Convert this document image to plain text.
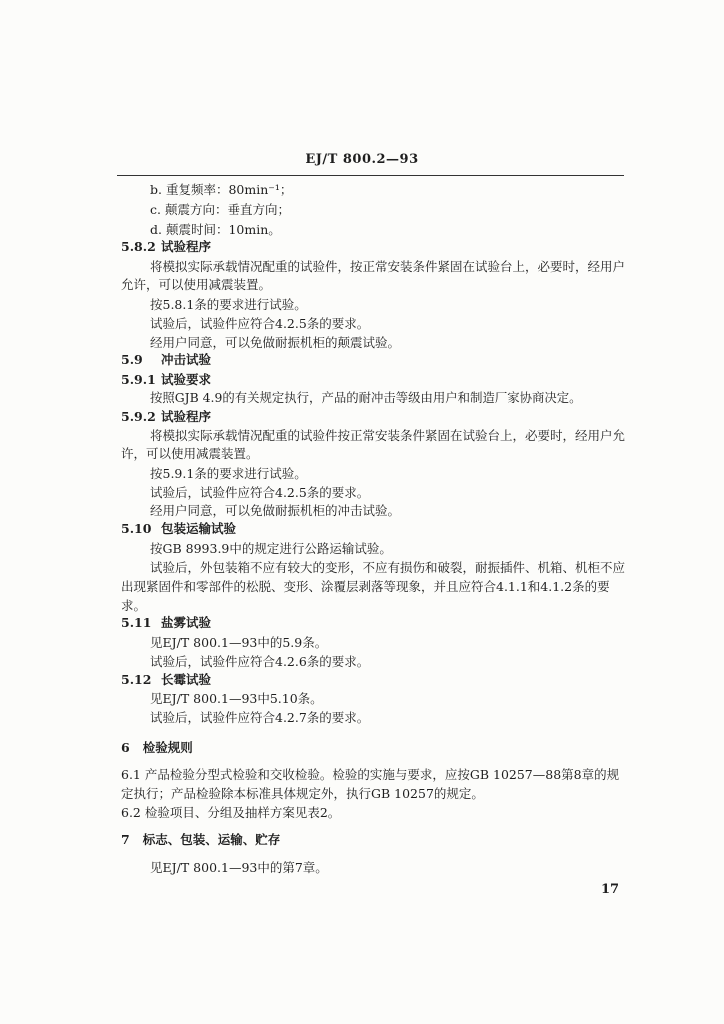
EJ/T 800.2—93
b. 重复频率：80min⁻¹；
c. 颠震方向：垂直方向；
d. 颠震时间：10min。
5.8.2 试验程序
将模拟实际承载情况配重的试验件，按正常安装条件紧固在试验台上，必要时，经用户
允许，可以使用减震装置。
按5.8.1条的要求进行试验。
试验后，试验件应符合4.2.5条的要求。
经用户同意，可以免做耐振机柜的颠震试验。
5.9 冲击试验
5.9.1 试验要求
按照GJB 4.9的有关规定执行，产品的耐冲击等级由用户和制造厂家协商决定。
5.9.2 试验程序
将模拟实际承载情况配重的试验件按正常安装条件紧固在试验台上，必要时，经用户允
许，可以使用减震装置。
按5.9.1条的要求进行试验。
试验后，试验件应符合4.2.5条的要求。
经用户同意，可以免做耐振机柜的冲击试验。
5.10 包装运输试验
按GB 8993.9中的规定进行公路运输试验。
试验后，外包装箱不应有较大的变形，不应有损伤和破裂，耐振插件、机箱、机柜不应
出现紧固件和零部件的松脱、变形、涂覆层剥落等现象，并且应符合4.1.1和4.1.2条的要
求。
5.11 盐雾试验
见EJ/T 800.1—93中的5.9条。
试验后，试验件应符合4.2.6条的要求。
5.12 长霉试验
见EJ/T 800.1—93中5.10条。
试验后，试验件应符合4.2.7条的要求。
6 检验规则
6.1 产品检验分型式检验和交收检验。检验的实施与要求，应按GB 10257—88第8章的规
定执行；产品检验除本标准具体规定外，执行GB 10257的规定。
6.2 检验项目、分组及抽样方案见表2。
7 标志、包装、运输、贮存
见EJ/T 800.1—93中的第7章。
17
